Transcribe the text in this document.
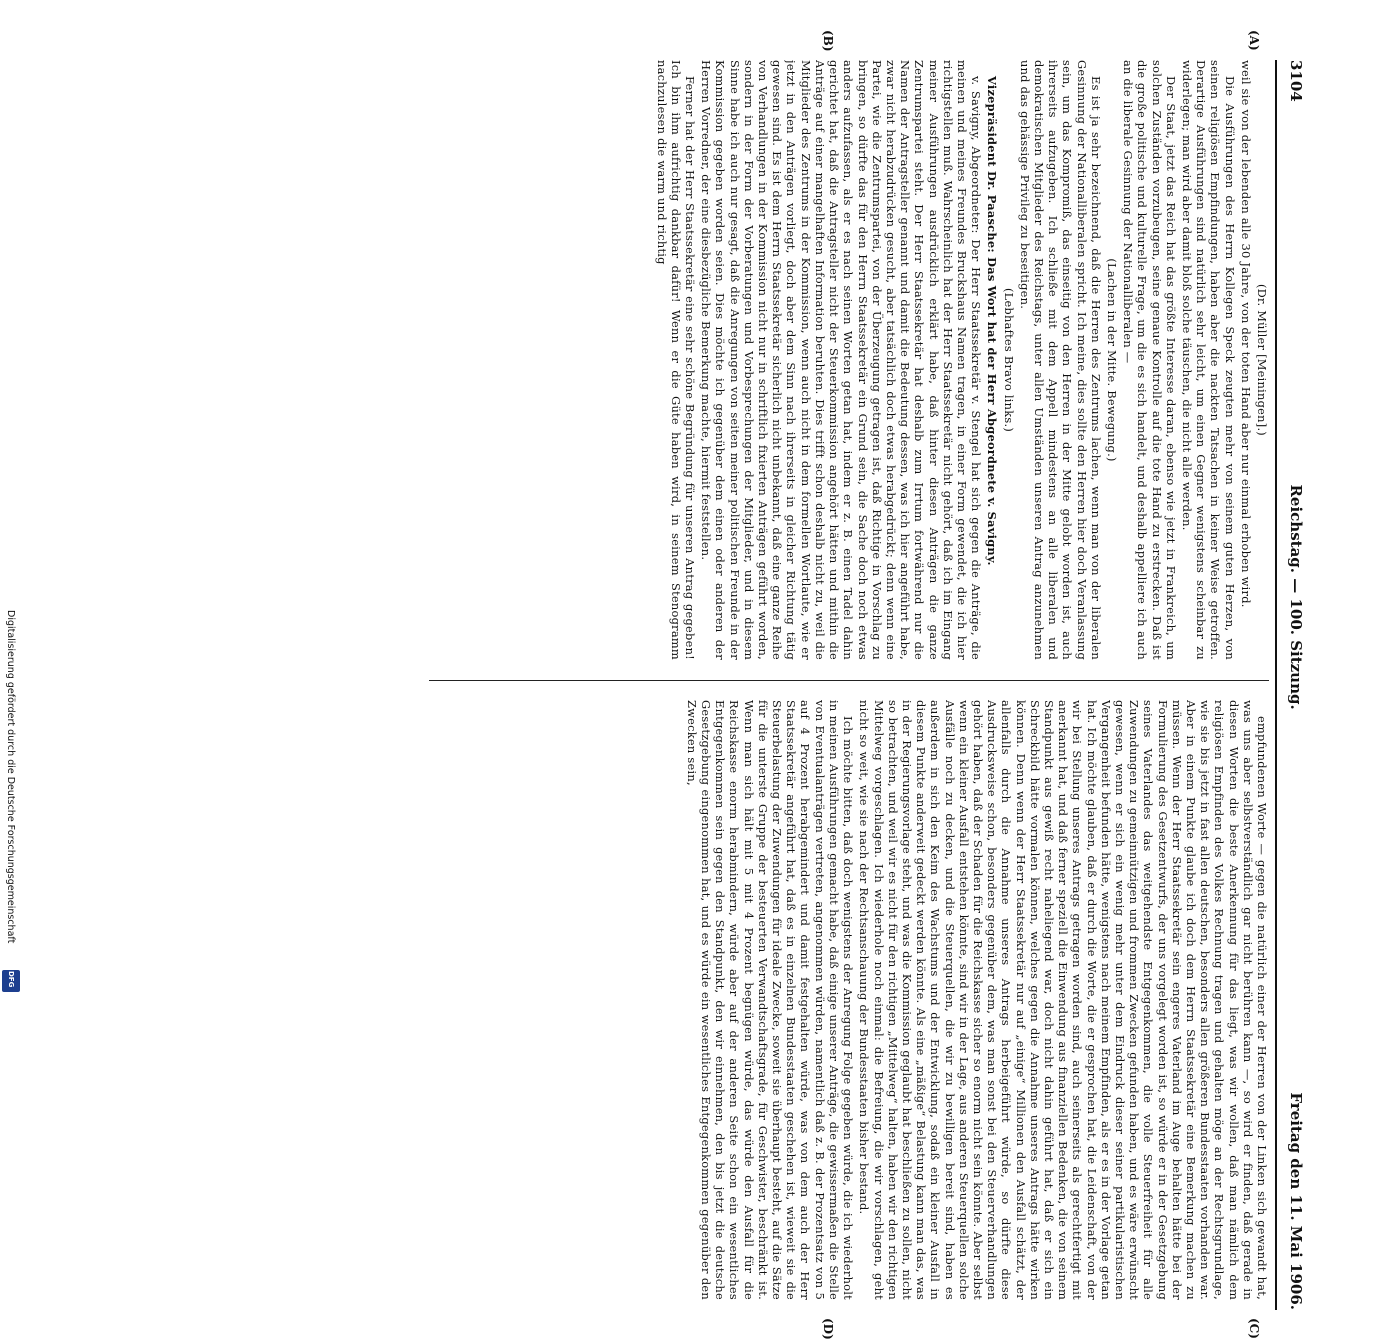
3104
Reichstag. — 100. Sitzung.
Freitag den 11. Mai 1906.
(A)
(B)
(C)
(D)

(Dr. Müller [Meiningen].)

weil sie von der lebenden alle 30 Jahre, von der toten Hand aber nur einmal erhoben wird.

Die Ausführungen des Herrn Kollegen Speck zeugten mehr von seinem guten Herzen, von seinen religiösen Empfindungen, haben aber die nackten Tatsachen in keiner Weise getroffen. Derartige Ausführungen sind natürlich sehr leicht, um einen Gegner wenigstens scheinbar zu widerlegen; man wird aber damit bloß solche täuschen, die nicht alle werden.

Der Staat, jetzt das Reich hat das größte Interesse daran, ebenso wie jetzt in Frankreich, um solchen Zuständen vorzubeugen, seine genaue Kontrolle auf die tote Hand zu erstrecken. Daß ist die große politische und kulturelle Frage, um die es sich handelt, und deshalb appelliere ich auch an die liberale Gesinnung der Nationalliberalen —

(Lachen in der Mitte. Bewegung.)

Es ist ja sehr bezeichnend, daß die Herren des Zentrums lachen, wenn man von der liberalen Gesinnung der Nationalliberalen spricht. Ich meine, dies sollte den Herren hier doch Veranlassung sein, um das Kompromiß, das einseitig von den Herren in der Mitte gelobt worden ist, auch ihrerseits aufzugeben. Ich schließe mit dem Appell mindestens an alle liberalen und demokratischen Mitglieder des Reichstags, unter allen Umständen unseren Antrag anzunehmen und das gehässige Privileg zu beseitigen.

(Lebhaftes Bravo links.)

Vizepräsident Dr. Paasche: Das Wort hat der Herr Abgeordnete v. Savigny.

v. Savigny, Abgeordneter: Der Herr Staatssekretär v. Stengel hat sich gegen die Anträge, die meinen und meines Freundes Bruckshaus Namen tragen, in einer Form gewendet, die ich hier richtigstellen muß. Wahrscheinlich hat der Herr Staatssekretär nicht gehört, daß ich im Eingang meiner Ausführungen ausdrücklich erklärt habe, daß hinter diesen Anträgen die ganze Zentrumspartei steht. Der Herr Staatssekretär hat deshalb zum Irrtum fortwährend nur die Namen der Antragsteller genannt und damit die Bedeutung dessen, was ich hier angeführt habe, zwar nicht herabzudrücken gesucht, aber tatsächlich doch etwas herabgedrückt; denn wenn eine Partei, wie die Zentrumspartei, von der Überzeugung getragen ist, daß Richtige in Vorschlag zu bringen, so dürfte das für den Herrn Staatssekretär ein Grund sein, die Sache doch noch etwas anders aufzufassen, als er es nach seinen Worten getan hat, indem er z. B. einen Tadel dahin gerichtet hat, daß die Antragsteller nicht der Steuerkommission angehört hätten und mithin die Anträge auf einer mangelhaften Information beruhten. Dies trifft schon deshalb nicht zu, weil die Mitglieder des Zentrums in der Kommission, wenn auch nicht in dem formellen Wortlaute, wie er jetzt in den Anträgen vorliegt, doch aber dem Sinn nach ihrerseits in gleicher Richtung tätig gewesen sind. Es ist dem Herrn Staatssekretär sicherlich nicht unbekannt, daß eine ganze Reihe von Verhandlungen in der Kommission nicht nur in schriftlich fixierten Anträgen geführt worden, sondern in der Form der Vorberatungen und Vorbesprechungen der Mitglieder, und in diesem Sinne habe ich auch nur gesagt, daß die Anregungen von seiten meiner politischen Freunde in der Kommission gegeben worden seien. Dies möchte ich gegenüber dem einen oder anderen der Herren Vorredner, der eine diesbezügliche Bemerkung machte, hiermit feststellen.

Ferner hat der Herr Staatssekretär eine sehr schöne Begründung für unseren Antrag gegeben! Ich bin ihm aufrichtig dankbar dafür! Wenn er die Güte haben wird, in seinem Stenogramm nachzulesen die warm und richtig

empfundenen Worte — gegen die natürlich einer der Herren von der Linken sich gewandt hat, was uns aber selbstverständlich gar nicht berühren kann —, so wird er finden, daß gerade in diesen Worten die beste Anerkennung für das liegt, was wir wollen, daß man nämlich dem religiösen Empfinden des Volkes Rechnung tragen und gehalten möge an der Rechtsgrundlage, wie sie bis jetzt in fast allen deutschen, besonders allen größeren Bundesstaaten vorhanden war. Aber in einem Punkte glaube ich doch dem Herrn Staatssekretär eine Bemerkung machen zu müssen. Wenn der Herr Staatssekretär sein engeres Vaterland im Auge behalten hätte bei der Formulierung des Gesetzentwurfs, der uns vorgelegt worden ist, so würde er in der Gesetzgebung seines Vaterlandes das weitgehendste Entgegenkommen, die volle Steuerfreiheit für alle Zuwendungen zu gemeinnützigen und frommen Zwecken gefunden haben, und es wäre erwünscht gewesen, wenn er sich ein wenig mehr unter dem Eindruck dieser seiner partikularistischen Vergangenheit befunden hätte, wenigstens nach meinem Empfinden, als er es in der Vorlage getan hat. Ich möchte glauben, daß er durch die Worte, die er gesprochen hat, die Leidenschaft, von der wir bei Stellung unseres Antrags getragen worden sind, auch seinerseits als gerechtfertigt mit anerkannt hat, und daß ferner speziell die Einwendung aus finanziellen Bedenken, die von seinem Standpunkt aus gewiß recht naheliegend war, doch nicht dahin geführt hat, daß er sich ein Schreckbild hätte vormalen können, welches gegen die Annahme unseres Antrags hätte wirken können. Denn wenn der Herr Staatssekretär nur auf „einige“ Millionen den Ausfall schätzt, der allenfalls durch die Annahme unseres Antrags herbeigeführt würde, so dürfte diese Ausdrucksweise schon, besonders gegenüber dem, was man sonst bei den Steuerverhandlungen gehört haben, daß der Schaden für die Reichskasse sicher so enorm nicht sein könnte. Aber selbst wenn ein kleiner Ausfall entstehen könnte, sind wir in der Lage, aus anderen Steuerquellen solche Ausfälle noch zu decken, und die Steuerquellen, die wir zu bewilligen bereit sind, haben es außerdem in sich den Keim des Wachstums und der Entwicklung, sodaß ein kleiner Ausfall in diesem Punkte anderweit gedeckt werden könnte. Als eine „mäßige“ Belastung kann man das, was in der Regierungsvorlage steht, und was die Kommission geglaubt hat beschließen zu sollen, nicht so betrachten, und weil wir es nicht für den richtigen „Mittelweg“ halten, haben wir den richtigen Mittelweg vorgeschlagen. Ich wiederhole noch einmal: die Befreiung, die wir vorschlagen, geht nicht so weit, wie sie nach der Rechtsanschauung der Bundesstaaten bisher bestand.

Ich möchte bitten, daß doch wenigstens der Anregung Folge gegeben würde, die ich wiederholt in meinen Ausführungen gemacht habe, daß einige unserer Anträge, die gewissermaßen die Stelle von Eventualanträgen vertreten, angenommen würden, namentlich daß z. B. der Prozentsatz von 5 auf 4 Prozent herabgemindert und damit festgehalten würde, was von dem auch der Herr Staatssekretär angeführt hat, daß es in einzelnen Bundesstaaten geschehen ist, wieweit sie die Steuerbelastung der Zuwendungen für ideale Zwecke, soweit sie überhaupt besteht, auf die Sätze für die unterste Gruppe der besteuerten Verwandtschaftsgrade, für Geschwister, beschränkt ist. Wenn man sich hält mit 5 mit 4 Prozent begnügen würde, das würde den Ausfall für die Reichskasse enorm herabmindern, würde aber auf der anderen Seite schon ein wesentliches Entgegenkommen sein gegen den Standpunkt, den wir einnehmen, den bis jetzt die deutsche Gesetzgebung eingenommen hat, und es würde ein wesentliches Entgegenkommen gegenüber den Zwecken sein,

Digitalisierung gefördert durch die Deutsche Forschungsgemeinschaft
DFG
